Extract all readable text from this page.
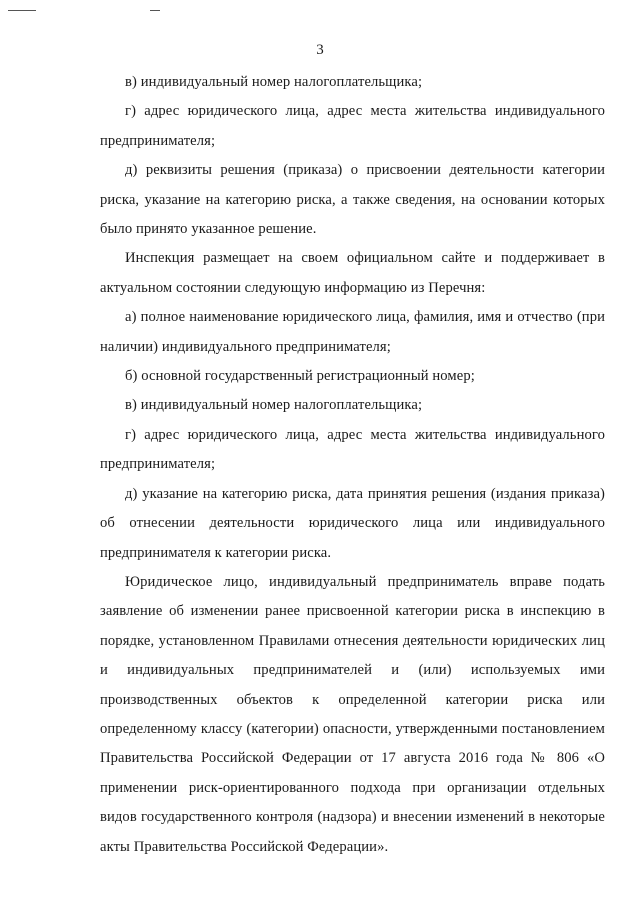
3

в) индивидуальный номер налогоплательщика;

г) адрес юридического лица, адрес места жительства индивидуального предпринимателя;

д) реквизиты решения (приказа) о присвоении деятельности категории риска, указание на категорию риска, а также сведения, на основании которых было принято указанное решение.

Инспекция размещает на своем официальном сайте и поддерживает в актуальном состоянии следующую информацию из Перечня:

а) полное наименование юридического лица, фамилия, имя и отчество (при наличии) индивидуального предпринимателя;

б) основной государственный регистрационный номер;

в) индивидуальный номер налогоплательщика;

г) адрес юридического лица, адрес места жительства индивидуального предпринимателя;

д) указание на категорию риска, дата принятия решения (издания приказа) об отнесении деятельности юридического лица или индивидуального предпринимателя к категории риска.

Юридическое лицо, индивидуальный предприниматель вправе подать заявление об изменении ранее присвоенной категории риска в инспекцию в порядке, установленном Правилами отнесения деятельности юридических лиц и индивидуальных предпринимателей и (или) используемых ими производственных объектов к определенной категории риска или определенному классу (категории) опасности, утвержденными постановлением Правительства Российской Федерации от 17 августа 2016 года № 806 «О применении риск-ориентированного подхода при организации отдельных видов государственного контроля (надзора) и внесении изменений в некоторые акты Правительства Российской Федерации».
